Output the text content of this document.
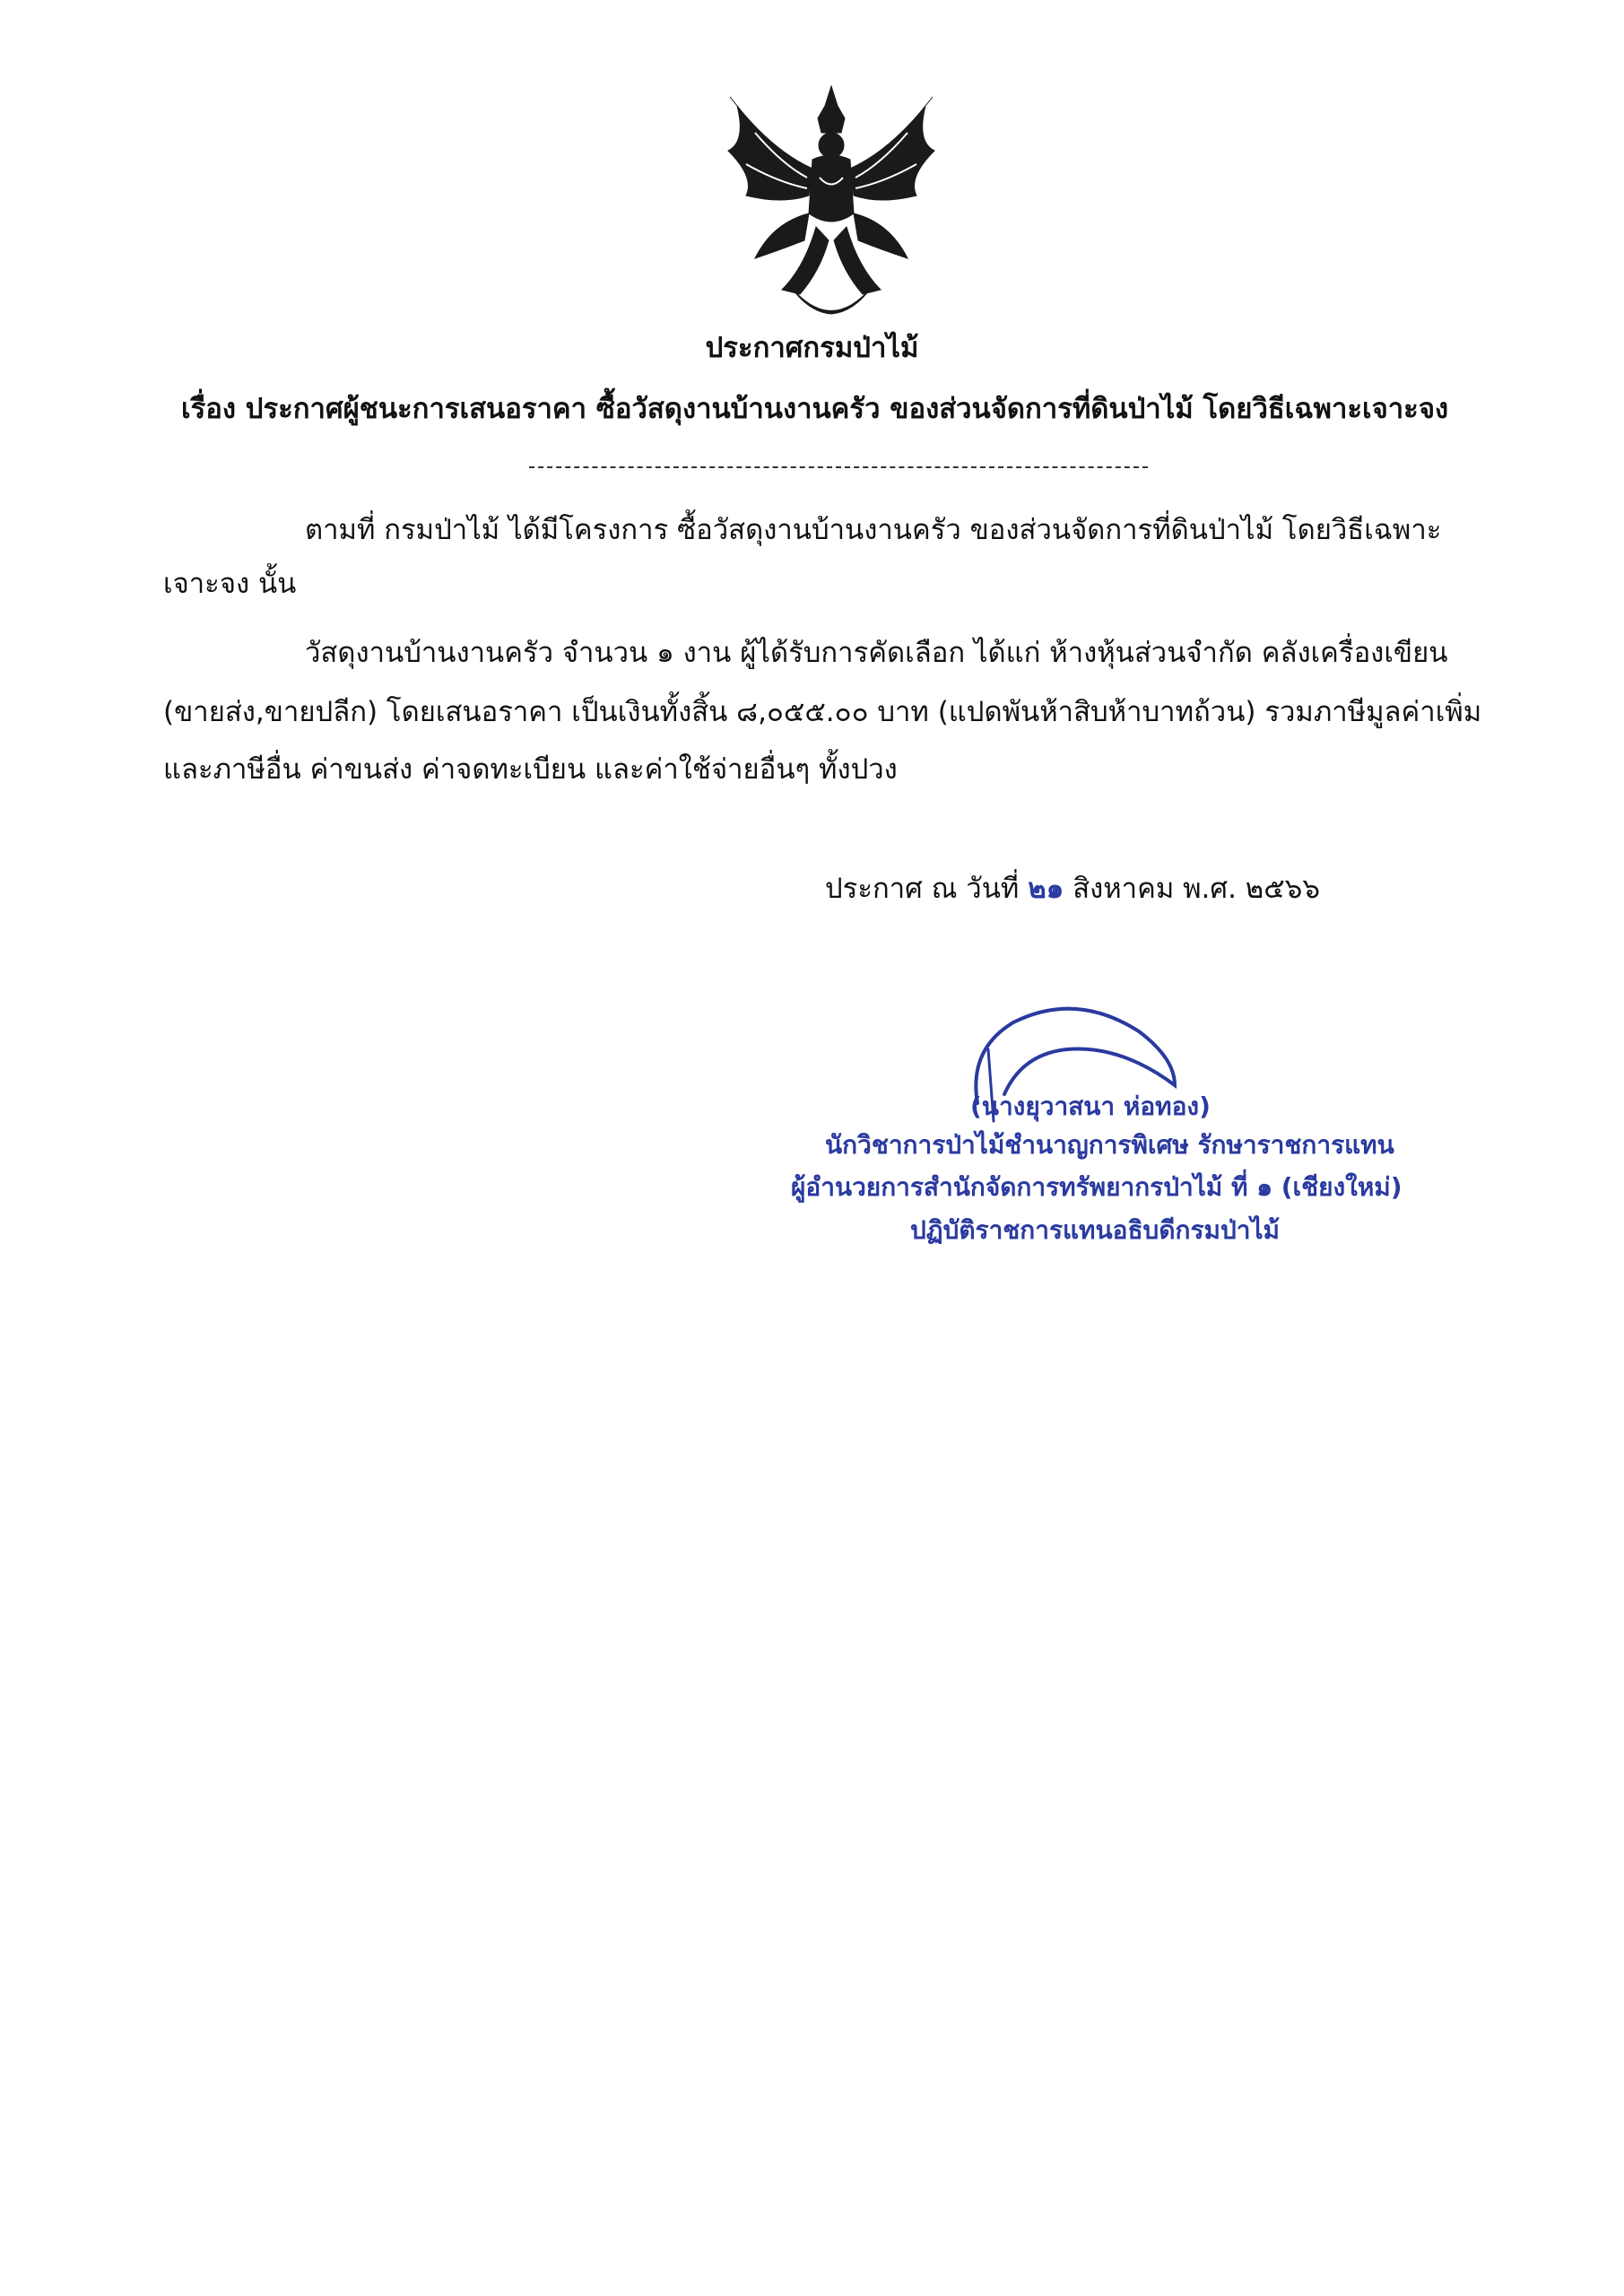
ประกาศกรมป่าไม้
เรื่อง ประกาศผู้ชนะการเสนอราคา ซื้อวัสดุงานบ้านงานครัว ของส่วนจัดการที่ดินป่าไม้ โดยวิธีเฉพาะเจาะจง
ตามที่ กรมป่าไม้ ได้มีโครงการ ซื้อวัสดุงานบ้านงานครัว ของส่วนจัดการที่ดินป่าไม้ โดยวิธีเฉพาะ
เจาะจง นั้น
วัสดุงานบ้านงานครัว จำนวน ๑ งาน ผู้ได้รับการคัดเลือก ได้แก่ ห้างหุ้นส่วนจำกัด คลังเครื่องเขียน
(ขายส่ง,ขายปลีก) โดยเสนอราคา เป็นเงินทั้งสิ้น ๘,๐๕๕.๐๐ บาท (แปดพันห้าสิบห้าบาทถ้วน) รวมภาษีมูลค่าเพิ่ม
และภาษีอื่น ค่าขนส่ง ค่าจดทะเบียน และค่าใช้จ่ายอื่นๆ ทั้งปวง
ประกาศ ณ วันที่ ๒๑ สิงหาคม พ.ศ. ๒๕๖๖
(นางยุวาสนา ห่อทอง)
นักวิชาการป่าไม้ชำนาญการพิเศษ รักษาราชการแทน
ผู้อำนวยการสำนักจัดการทรัพยากรป่าไม้ ที่ ๑ (เชียงใหม่)
ปฏิบัติราชการแทนอธิบดีกรมป่าไม้
